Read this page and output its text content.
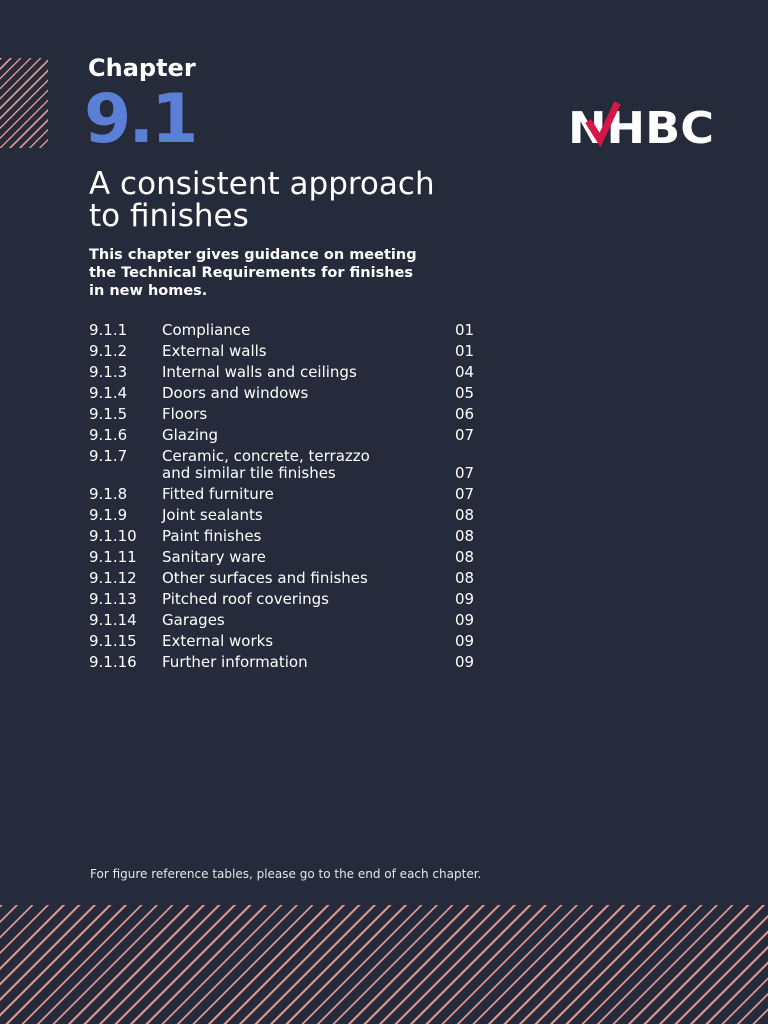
Chapter
9.1	NHBC
A consistent approach
to finishes
This chapter gives guidance on meeting
the Technical Requirements for finishes
in new homes.
9.1.1 Compliance	01
9.1.2 External walls	01
9.1.3 Internal walls and ceilings	04
9.1.4 Doors and windows	05
9.1.5 Floors	06
9.1.6 Glazing	07
9.1.7 Ceramic, concrete, terrazzo
and similar tile finishes	07
9.1.8 Fitted furniture	07
9.1.9 Joint sealants	08
9.1.10 Paint finishes	08
9.1.11 Sanitary ware	08
9.1.12 Other surfaces and finishes	08
9.1.13 Pitched roof coverings	09
9.1.14 Garages	09
9.1.15 External works	09
9.1.16 Further information	09
For figure reference tables, please go to the end of each chapter.
